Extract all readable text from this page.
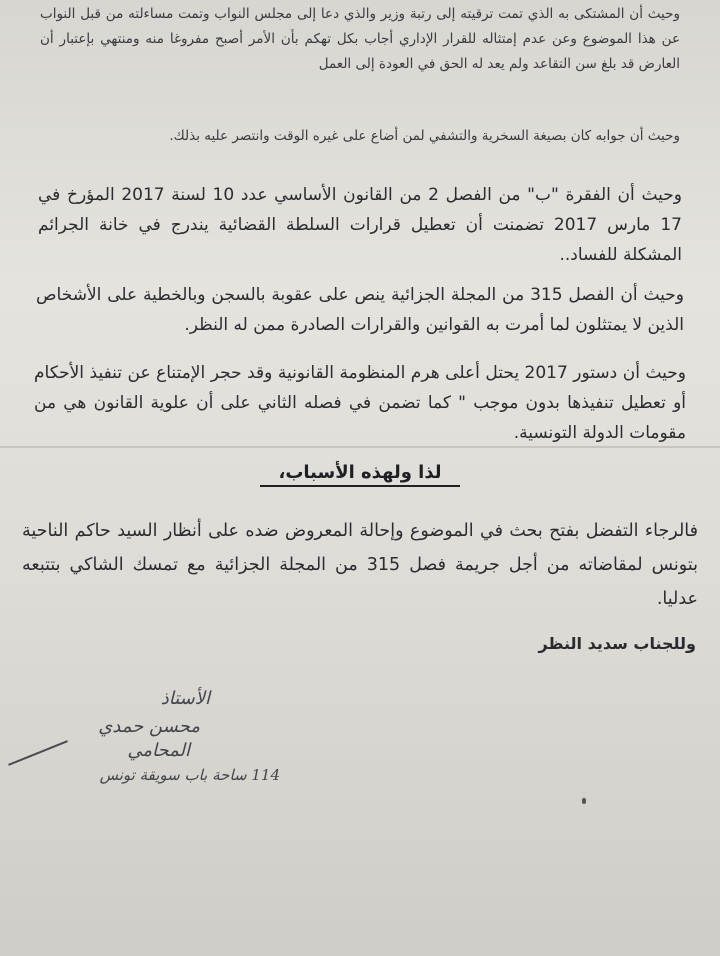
وحيث أن المشتكى به الذي تمت ترقيته إلى رتبة وزير والذي دعا إلى مجلس النواب وتمت مساءلته من قبل النواب عن هذا الموضوع وعن عدم إمتثاله للقرار الإداري أجاب بكل تهكم بأن الأمر أصبح مفروغا منه ومنتهي بإعتبار أن العارض قد بلغ سن التقاعد ولم يعد له الحق في العودة إلى العمل
وحيث أن جوابه كان بصيغة السخرية والتشفي لمن أضاع على غيره الوقت وانتصر عليه بذلك.
وحيث أن الفقرة "ب" من الفصل 2 من القانون الأساسي عدد 10 لسنة 2017 المؤرخ في 17 مارس 2017 تضمنت أن تعطيل قرارات السلطة القضائية يندرج في خانة الجرائم المشكلة للفساد..
وحيث أن الفصل 315 من المجلة الجزائية ينص على عقوبة بالسجن وبالخطية على الأشخاص الذين لا يمتثلون لما أمرت به القوانين والقرارات الصادرة ممن له النظر.
وحيث أن دستور 2017 يحتل أعلى هرم المنظومة القانونية وقد حجر الإمتناع عن تنفيذ الأحكام أو تعطيل تنفيذها بدون موجب " كما تضمن في فصله الثاني على أن علوية القانون هي من مقومات الدولة التونسية.
لذا ولهذه الأسباب،
فالرجاء التفضل بفتح بحث في الموضوع وإحالة المعروض ضده على أنظار السيد حاكم الناحية بتونس لمقاضاته من أجل جريمة فصل 315 من المجلة الجزائية مع تمسك الشاكي بتتبعه عدليا.
وللجناب سديد النظر
الأستاذ
محسن حمدي
المحامي
114 ساحة باب سويقة تونس
